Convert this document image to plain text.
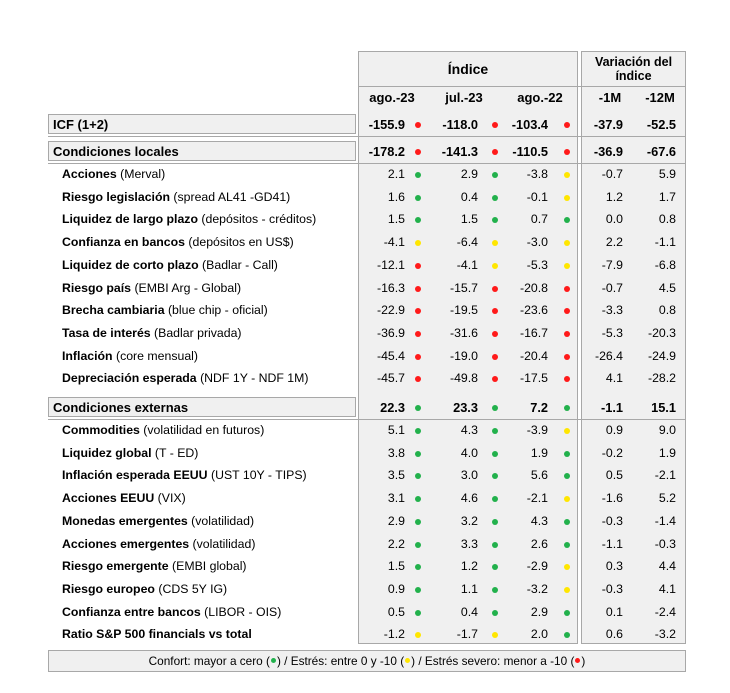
Índice	Variación del
índice
ago.-23	jul.-23	ago.-22	-1M	-12M
ICF (1+2)	-155.9	-118.0	-103.4	-37.9	-52.5
Condiciones locales	-178.2	-141.3	-110.5	-36.9	-67.6
Acciones (Merval)	2.1	2.9	-3.8	-0.7	5.9
Riesgo legislación (spread AL41 -GD41)	1.6	0.4	-0.1	1.2	1.7
Liquidez de largo plazo (depósitos - créditos)	1.5	1.5	0.7	0.0	0.8
Confianza en bancos (depósitos en US$)	-4.1	-6.4	-3.0	2.2	-1.1
Liquidez de corto plazo (Badlar - Call)	-12.1	-4.1	-5.3	-7.9	-6.8
Riesgo país (EMBI Arg - Global)	-16.3	-15.7	-20.8	-0.7	4.5
Brecha cambiaria (blue chip - oficial)	-22.9	-19.5	-23.6	-3.3	0.8
Tasa de interés (Badlar privada)	-36.9	-31.6	-16.7	-5.3	-20.3
Inflación (core mensual)	-45.4	-19.0	-20.4	-26.4	-24.9
Depreciación esperada (NDF 1Y - NDF 1M)	-45.7	-49.8	-17.5	4.1	-28.2
Condiciones externas	22.3	23.3	7.2	-1.1	15.1
Commodities (volatilidad en futuros)	5.1	4.3	-3.9	0.9	9.0
Liquidez global (T - ED)	3.8	4.0	1.9	-0.2	1.9
Inflación esperada EEUU (UST 10Y - TIPS)	3.5	3.0	5.6	0.5	-2.1
Acciones EEUU (VIX)	3.1	4.6	-2.1	-1.6	5.2
Monedas emergentes (volatilidad)	2.9	3.2	4.3	-0.3	-1.4
Acciones emergentes (volatilidad)	2.2	3.3	2.6	-1.1	-0.3
Riesgo emergente (EMBI global)	1.5	1.2	-2.9	0.3	4.4
Riesgo europeo (CDS 5Y IG)	0.9	1.1	-3.2	-0.3	4.1
Confianza entre bancos (LIBOR - OIS)	0.5	0.4	2.9	0.1	-2.4
Ratio S&P 500 financials vs total	-1.2	-1.7	2.0	0.6	-3.2
Confort: mayor a cero ( ) / Estrés: entre 0 y -10 ( ) / Estrés severo: menor a -10 ( )
